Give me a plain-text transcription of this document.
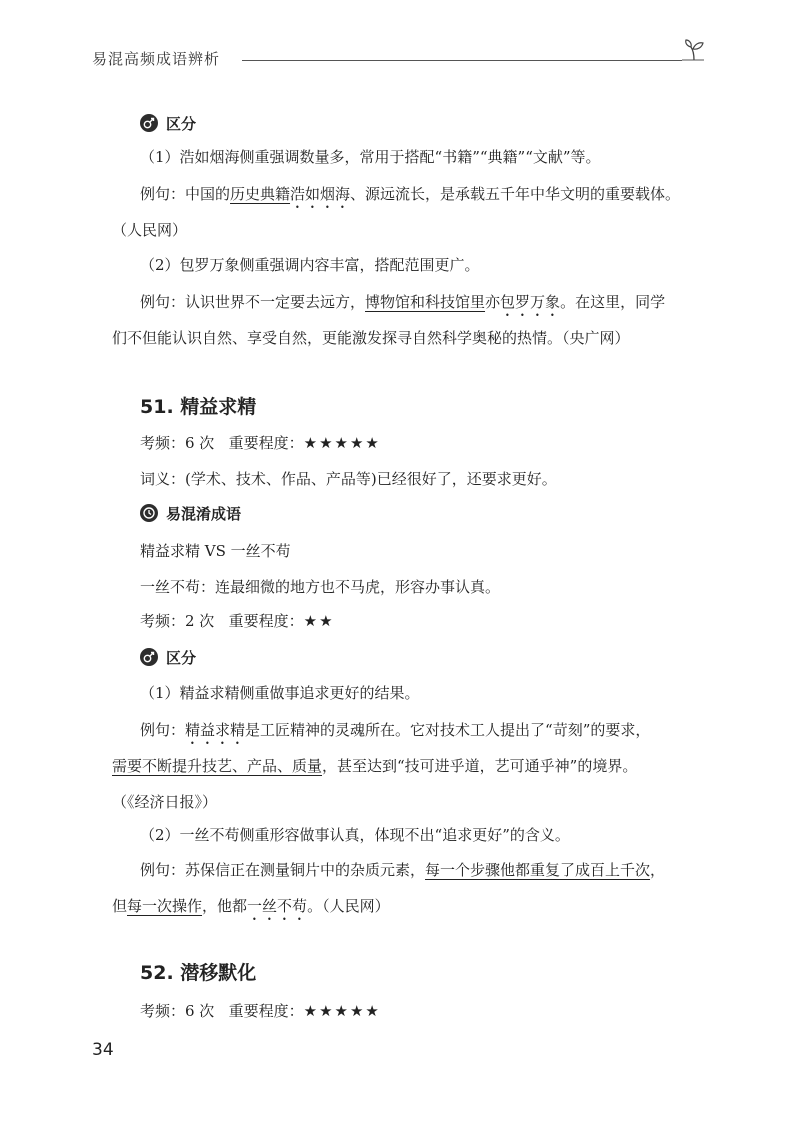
易混高频成语辨析
区分
（1）浩如烟海侧重强调数量多，常用于搭配“书籍”“典籍”“文献”等。
例句：中国的历史典籍浩如烟海、源远流长，是承载五千年中华文明的重要载体。
（人民网）
（2）包罗万象侧重强调内容丰富，搭配范围更广。
例句：认识世界不一定要去远方，博物馆和科技馆里亦包罗万象。在这里，同学
们不但能认识自然、享受自然，更能激发探寻自然科学奥秘的热情。（央广网）
51. 精益求精
考频：6 次 重要程度：★★★★★
词义：(学术、技术、作品、产品等)已经很好了，还要求更好。
易混淆成语
精益求精 VS 一丝不苟
一丝不苟：连最细微的地方也不马虎，形容办事认真。
考频：2 次 重要程度：★★
区分
（1）精益求精侧重做事追求更好的结果。
例句：精益求精是工匠精神的灵魂所在。它对技术工人提出了“苛刻”的要求，
需要不断提升技艺、产品、质量，甚至达到“技可进乎道，艺可通乎神”的境界。
（《经济日报》）
（2）一丝不苟侧重形容做事认真，体现不出“追求更好”的含义。
例句：苏保信正在测量铜片中的杂质元素，每一个步骤他都重复了成百上千次，
但每一次操作，他都一丝不苟。（人民网）
52. 潜移默化
考频：6 次 重要程度：★★★★★
34
